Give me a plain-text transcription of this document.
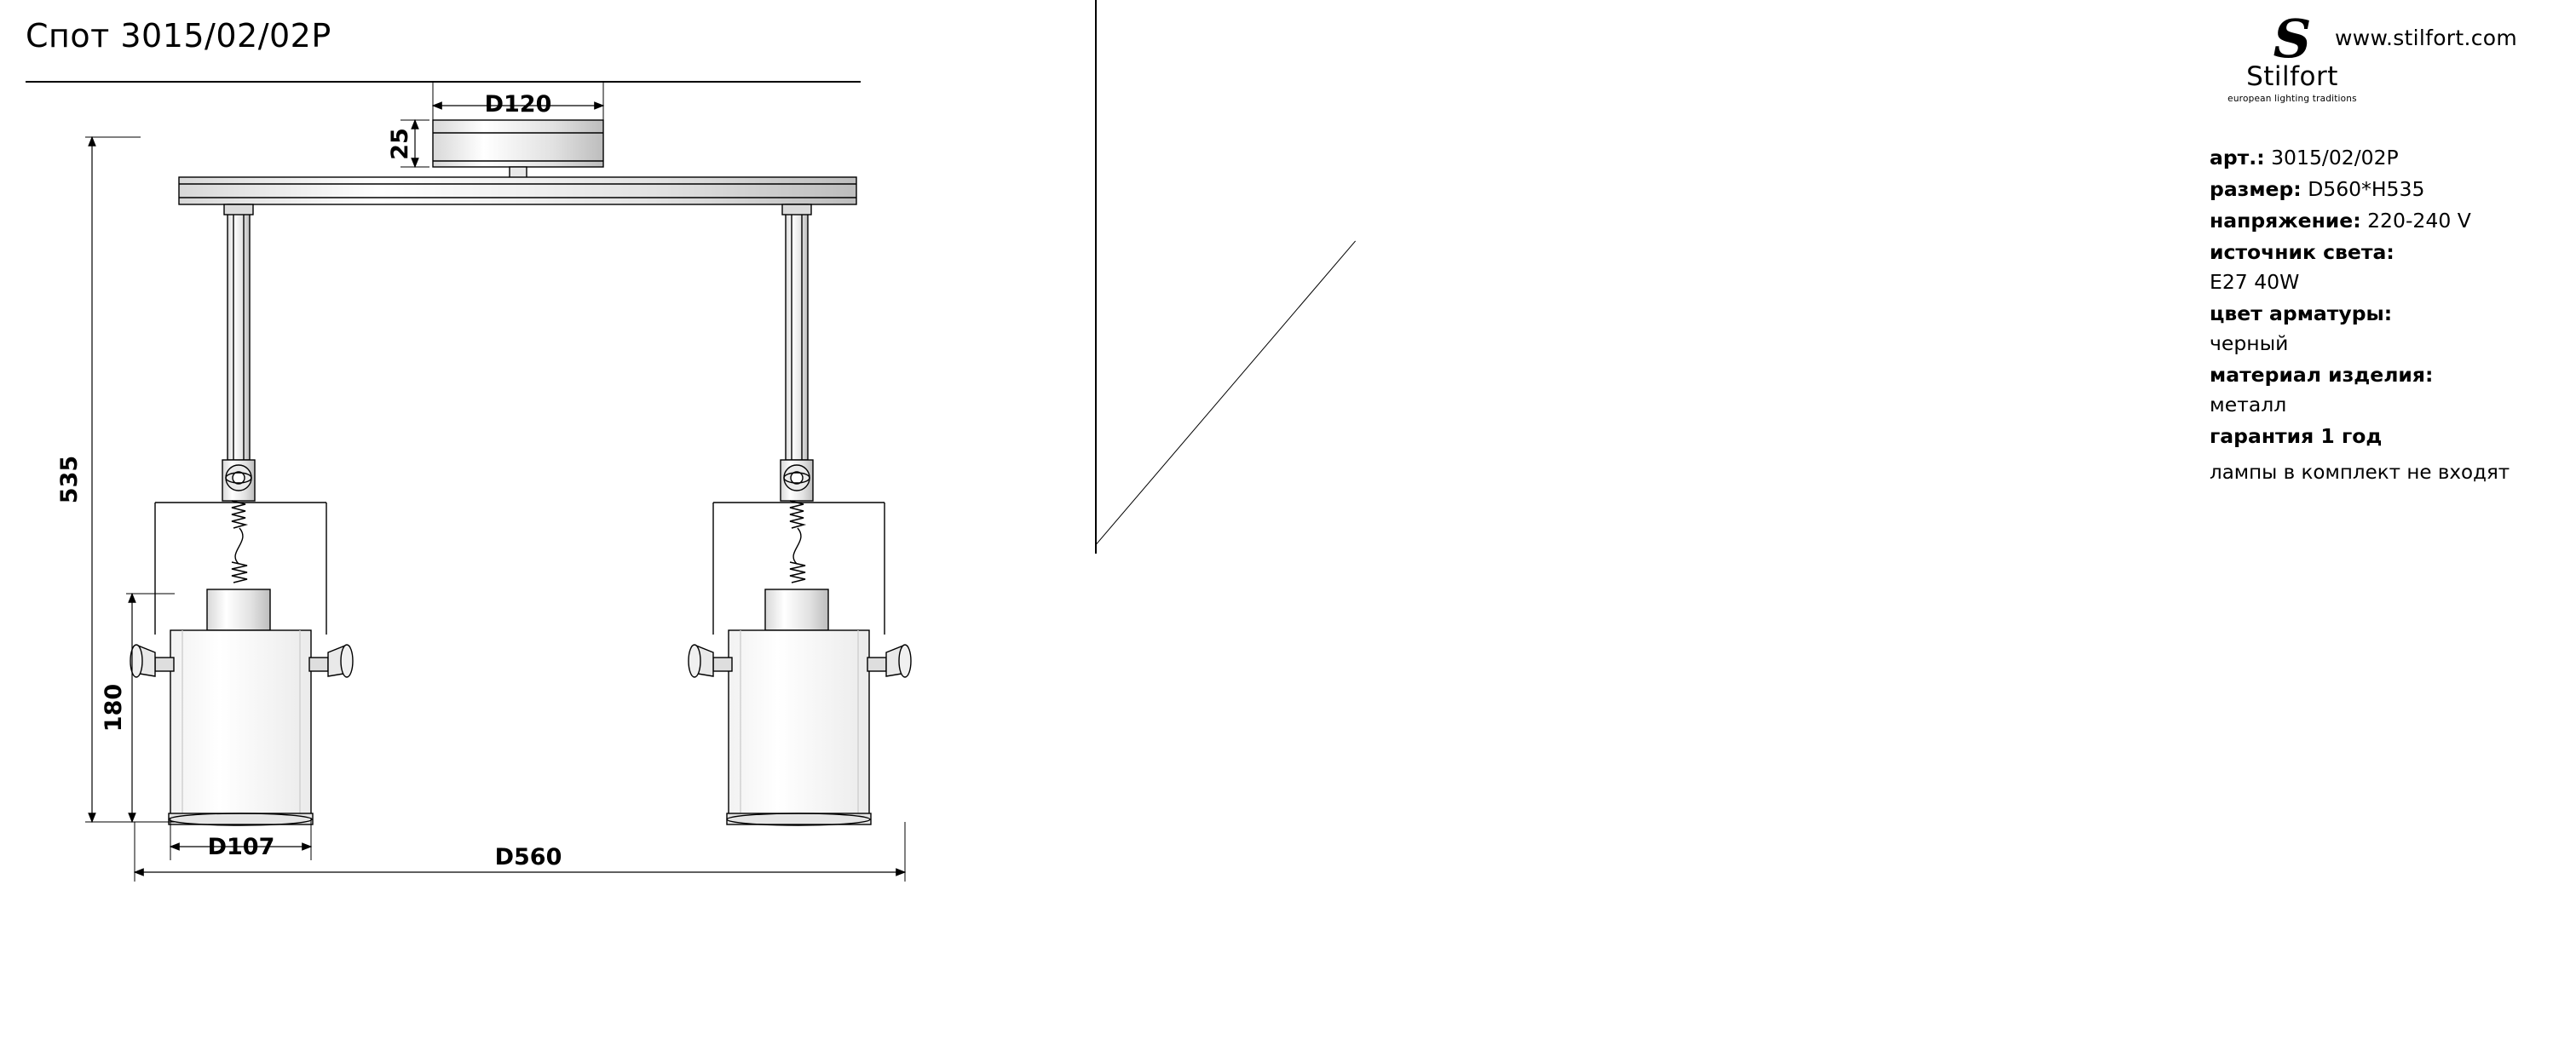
Спот 3015/02/02P
D120
25
535
180
D107	D560
www.stilfort.com
S
Stilfort
european lighting traditions
арт.: 3015/02/02P
размер: D560*H535
напряжение: 220-240 V
источник света:
E27 40W
цвет арматуры:
черный
материал изделия:
металл
гарантия 1 год
лампы в комплект не входят
